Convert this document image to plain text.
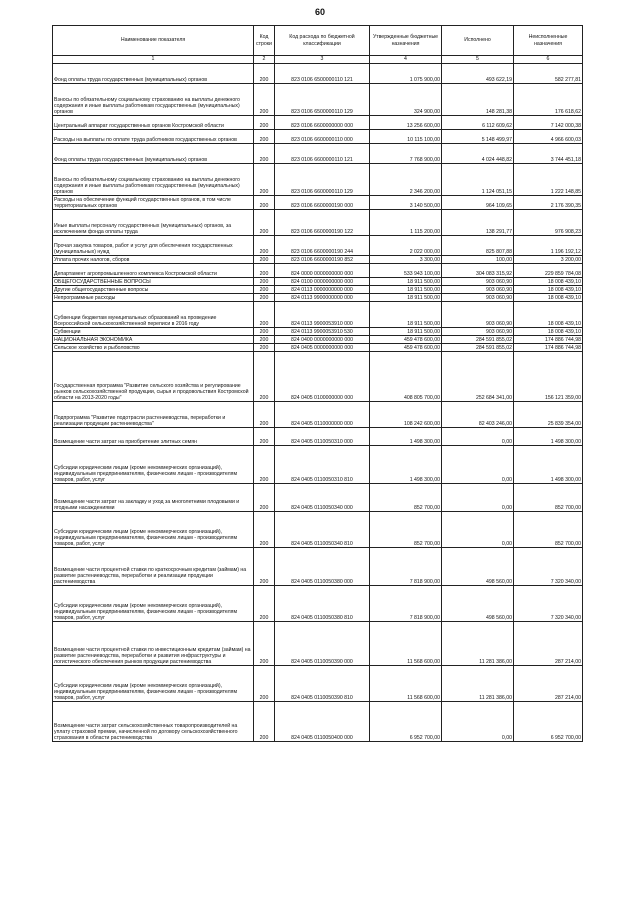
60
Наименование показателя	Код строки	Код расхода по бюджетной классификации	Утвержденные бюджетные назначения	Исполнено	Неисполненные назначения
1	2	3	4	5	6
Фонд оплаты труда государственных (муниципальных) органов	200	823 0106 6500000110 121	1 075 900,00	493 622,19	582 277,81
Взносы по обязательному социальному страхованию на выплаты денежного содержания и иные выплаты работникам государственных (муниципальных) органов	200	823 0106 6500000110 129	324 900,00	148 281,38	176 618,62
Центральный аппарат государственных органов Костромской области	200	823 0106 6600000000 000	13 256 600,00	6 112 609,62	7 142 000,38
Расходы на выплаты по оплате труда работников государственных органов	200	823 0106 6600000110 000	10 115 100,00	5 148 499,97	4 966 600,03
Фонд оплаты труда государственных (муниципальных) органов	200	823 0106 6600000110 121	7 768 900,00	4 024 448,82	3 744 451,18
Взносы по обязательному социальному страхованию на выплаты денежного содержания и иные выплаты работникам государственных (муниципальных) органов	200	823 0106 6600000110 129	2 346 200,00	1 124 051,15	1 222 148,85
Расходы на обеспечение функций государственных органов, в том числе территориальных органов	200	823 0106 6600000190 000	3 140 500,00	964 109,65	2 176 390,35
Иные выплаты персоналу государственных (муниципальных) органов, за исключением фонда оплаты труда	200	823 0106 6600000190 122	1 115 200,00	138 291,77	976 908,23
Прочая закупка товаров, работ и услуг для обеспечения государственных (муниципальных) нужд	200	823 0106 6600000190 244	2 022 000,00	825 807,88	1 196 192,12
Уплата прочих налогов, сборов	200	823 0106 6600000190 852	3 300,00	100,00	3 200,00
Департамент агропромышленного комплекса Костромской области	200	824 0000 0000000000 000	533 943 100,00	304 083 315,92	229 859 784,08
ОБЩЕГОСУДАРСТВЕННЫЕ ВОПРОСЫ	200	824 0100 0000000000 000	18 911 500,00	903 060,90	18 008 439,10
Другие общегосударственные вопросы	200	824 0113 0000000000 000	18 911 500,00	903 060,90	18 008 439,10
Непрограммные расходы	200	824 0113 9900000000 000	18 911 500,00	903 060,90	18 008 439,10
Субвенции бюджетам муниципальных образований на проведение Всероссийской сельскохозяйственной переписи в 2016 году	200	824 0113 9900053910 000	18 911 500,00	903 060,90	18 008 439,10
Субвенции	200	824 0113 9900053910 530	18 911 500,00	903 060,90	18 008 439,10
НАЦИОНАЛЬНАЯ ЭКОНОМИКА	200	824 0400 0000000000 000	459 478 600,00	284 591 855,02	174 886 744,98
Сельское хозяйство и рыболовство	200	824 0405 0000000000 000	459 478 600,00	284 591 855,02	174 886 744,98
Государственная программа "Развитие сельского хозяйства и регулирование рынков сельскохозяйственной продукции, сырья и продовольствия Костромской области на 2013-2020 годы"	200	824 0405 0100000000 000	408 805 700,00	252 684 341,00	156 121 359,00
Подпрограмма "Развитие подотрасли растениеводства, переработки и реализации продукции растениеводства"	200	824 0405 0110000000 000	108 242 600,00	82 403 246,00	25 839 354,00
Возмещение части затрат на приобретение элитных семян	200	824 0405 0110050310 000	1 498 300,00	0,00	1 498 300,00
Субсидии юридическим лицам (кроме некоммерческих организаций), индивидуальным предпринимателям, физическим лицам - производителям товаров, работ, услуг	200	824 0405 0110050310 810	1 498 300,00	0,00	1 498 300,00
Возмещение части затрат на закладку и уход за многолетними плодовыми и ягодными насаждениями	200	824 0405 0110050340 000	852 700,00	0,00	852 700,00
Субсидии юридическим лицам (кроме некоммерческих организаций), индивидуальным предпринимателям, физическим лицам - производителям товаров, работ, услуг	200	824 0405 0110050340 810	852 700,00	0,00	852 700,00
Возмещение части процентной ставки по краткосрочным кредитам (займам) на развитие растениеводства, переработки и реализации продукции растениеводства	200	824 0405 0110050380 000	7 818 900,00	498 560,00	7 320 340,00
Субсидии юридическим лицам (кроме некоммерческих организаций), индивидуальным предпринимателям, физическим лицам - производителям товаров, работ, услуг	200	824 0405 0110050380 810	7 818 900,00	498 560,00	7 320 340,00
Возмещение части процентной ставки по инвестиционным кредитам (займам) на развитие растениеводства, переработки и развития инфраструктуры и логистического обеспечения рынков продукции растениеводства	200	824 0405 0110050390 000	11 568 600,00	11 281 386,00	287 214,00
Субсидии юридическим лицам (кроме некоммерческих организаций), индивидуальным предпринимателям, физическим лицам - производителям товаров, работ, услуг	200	824 0405 0110050390 810	11 568 600,00	11 281 386,00	287 214,00
Возмещение части затрат сельскохозяйственных товаропроизводителей на уплату страховой премии, начисленной по договору сельскохозяйственного страхования в области растениеводства	200	824 0405 0110050400 000	6 952 700,00	0,00	6 952 700,00
